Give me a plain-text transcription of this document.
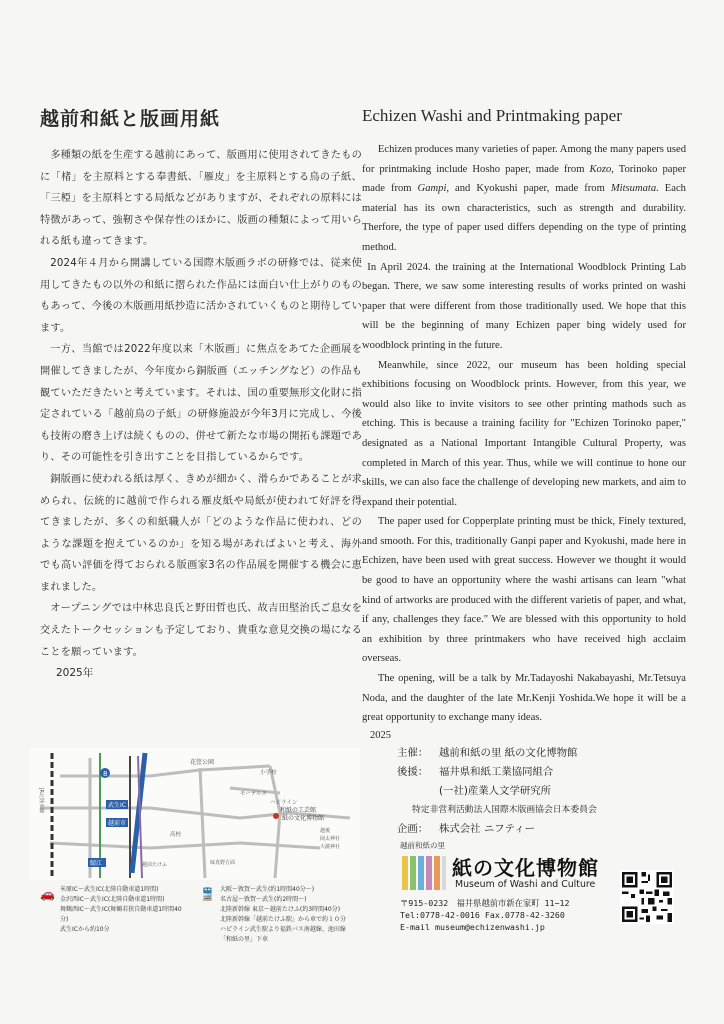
越前和紙と版画用紙

多種類の紙を生産する越前にあって、版画用に使用されてきたものに「楮」を主原料とする奉書紙、「雁皮」を主原料とする鳥の子紙、「三椏」を主原料とする局紙などがありますが、それぞれの原料には特徴があって、強靭さや保存性のほかに、版画の種類によって用いられる紙も違ってきます。

2024年４月から開講している国際木版画ラボの研修では、従来使用してきたもの以外の和紙に摺られた作品には面白い仕上がりのものもあって、今後の木版画用紙抄造に活かされていくものと期待しています。

一方、当館では2022年度以来「木版画」に焦点をあてた企画展を開催してきましたが、今年度から銅版画（エッチングなど）の作品も観ていただきたいと考えています。それは、国の重要無形文化財に指定されている「越前鳥の子紙」の研修施設が今年3月に完成し、今後も技術の磨き上げは続くものの、併せて新たな市場の開拓も課題であり、その可能性を引き出すことを目指しているからです。

銅版画に使われる紙は厚く、きめが細かく、滑らかであることが求められ、伝統的に越前で作られる雁皮紙や局紙が使われて好評を得てきましたが、多くの和紙職人が「どのような作品に使われ、どのような課題を抱えているのか」を知る場があればよいと考え、海外でも高い評価を得ておられる版画家3名の作品展を開催する機会に恵まれました。

オープニングでは中林忠良氏と野田哲也氏、故吉田堅治氏ご息女を交えたトークセッションも予定しており、貴重な意見交換の場になることを願っています。

2025年
Echizen Washi and Printmaking paper

Echizen produces many varieties of paper. Among the many papers used for printmaking include Hosho paper, made from Kozo, Torinoko paper made from Gampi, and Kyokushi paper, made from Mitsumata. Each material has its own characteristics, such as strength and durability. Therfore, the type of paper used differs depending on the type of printing method.

In April 2024. the training at the International Woodblock Printing Lab began. There, we saw some interesting results of works printed on washi paper that were different from those traditionally used. We hope that this will be the beginning of many Echizen paper bing widely used for woodblock printing in the future.

Meanwhile, since 2022, our museum has been holding special exhibitions focusing on Woodblock prints. However, from this year, we would also like to invite visitors to see other printing mathods such as etching. This is because a training facility for "Echizen Torinoko paper," designated as a National Important Intangible Cultural Property, was completed in March of this year. Thus, while we will continue to hone our skills, we can also face the challenge of developing new markets, and aim to expand their potential.

The paper used for Copperplate printing must be thick, Finely textured, and smooth. For this, traditionally Ganpi paper and Kyokushi, made here in Echizen, have been used with great success. However we thought it would be good to have an opportunity where the washi artisans can learn "what kind of artworks are produced with the different varietis of paper, and what, if any, challenges they face." We are blessed with this opportunity to hold an exhibition by three printmakers who have received high acclaim overseas.

The opening, will be a talk by Mr.Tadayoshi Nakabayashi, Mr.Tetsuya Noda, and the daughter of the late Mr.Kenji Yoshida.We hope it will be a great opportunity to exchange many ideas.

2025
8
武生IC
越前市
鯖江
JR北陸本線
花筐公園
小学校
モーテルス
ハピライン
和紙の工芸館
紙の文化博物館
越後
岡太神社
大瀧神社
高校
味真野方面
越前たけふ
🚗 米原IC〜武生IC(北陸自動車道1時間)
金沢西IC〜武生IC(北陸自動車道1時間)
舞鶴西IC〜武生IC(舞鶴若狭自動車道1時間40分)
武生ICから約10分
🚆 大阪〜敦賀〜武生(約1時間40分〜)
名古屋〜敦賀〜武生(約2時間〜)
北陸新幹線 東京〜越前たけふ(約3時間40分)
北陸新幹線「越前たけふ駅」から車で約１０分
ハピライン武生駅より福鉄バス南越線、池田線「和紙の里」下車
主催： 越前和紙の里 紙の文化博物館
後援： 福井県和紙工業協同組合
(一社)産業人文学研究所
特定非営利活動法人国際木版画協会日本委員会
企画： 株式会社 ニフティー
越前和紙の里
紙の文化博物館
Museum of Washi and Culture
〒915-0232　福井県越前市新在家町 11−12
Tel:0778-42-0016 Fax.0778-42-3260
E-mail museum@echizenwashi.jp
